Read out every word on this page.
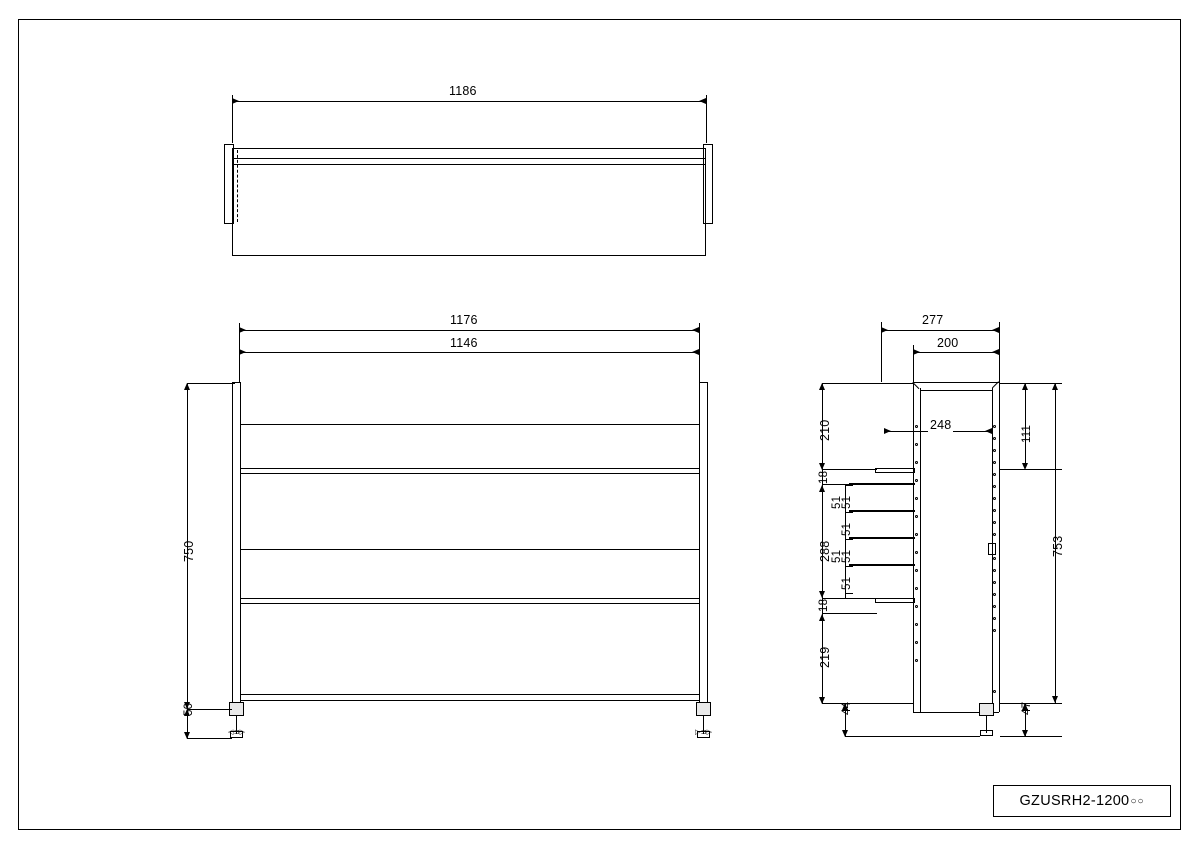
1186
1176
1146
◁⊐▷	▷⊐▷
750
50
277
200
248
210
18
288
51
51
51
51
51
51
18
219
44
111
753
47
GZUSRH2-1200 ○○
